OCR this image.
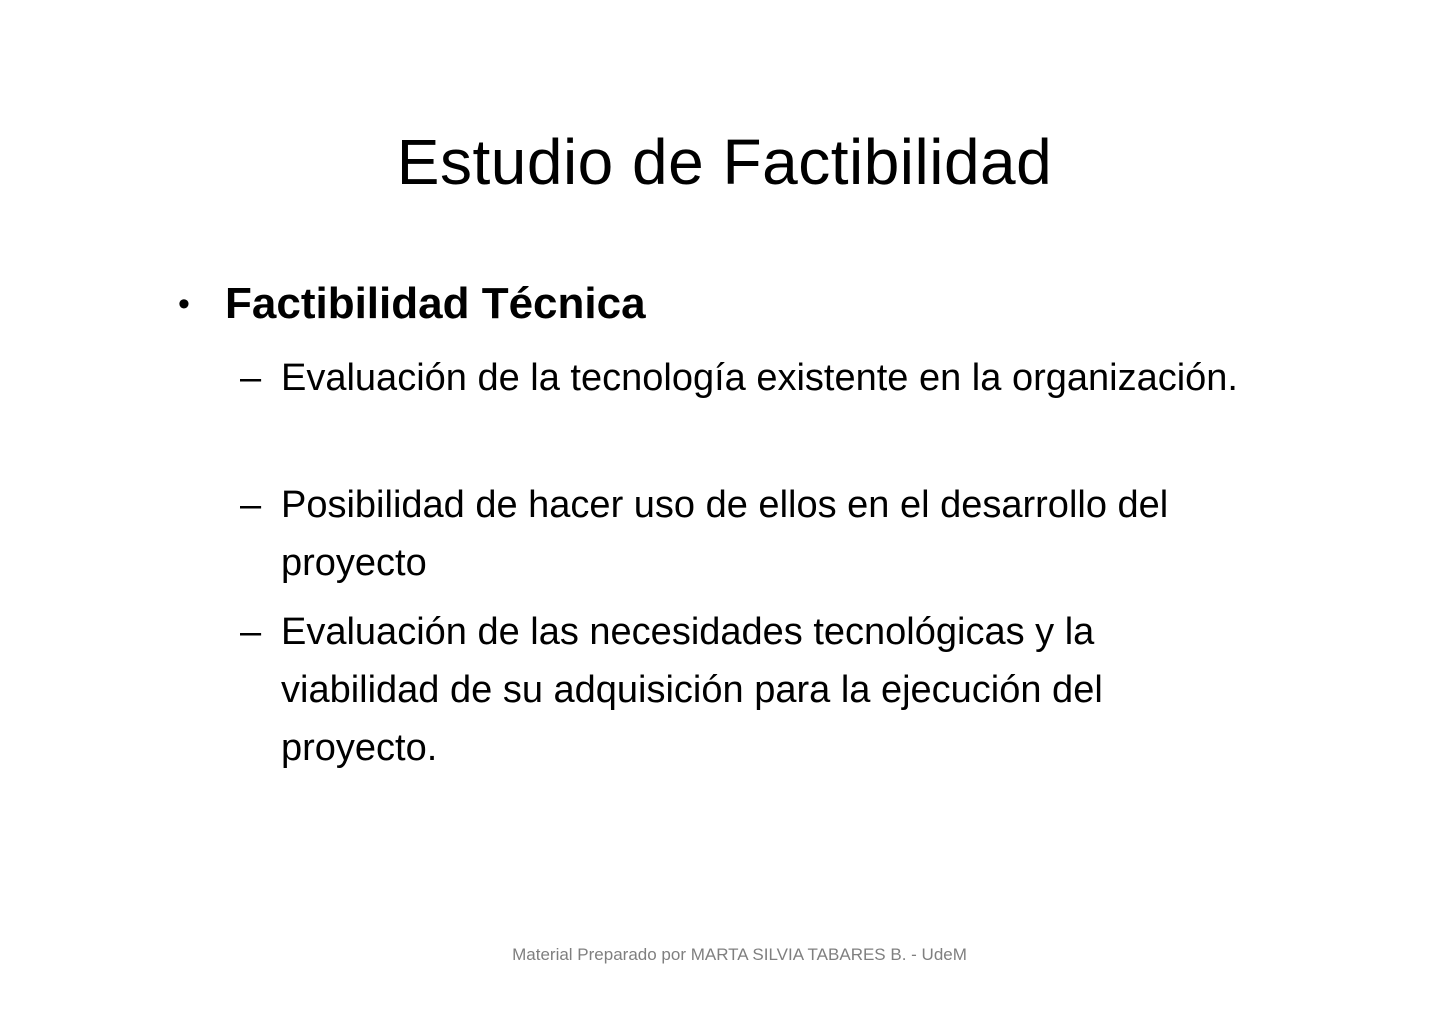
Estudio de Factibilidad
• Factibilidad Técnica
– Evaluación de la tecnología existente en la organización.
– Posibilidad de hacer uso de ellos en el desarrollo del proyecto
– Evaluación de las necesidades tecnológicas y la viabilidad de su adquisición para la ejecución del proyecto.
Material Preparado por MARTA SILVIA TABARES B. - UdeM
